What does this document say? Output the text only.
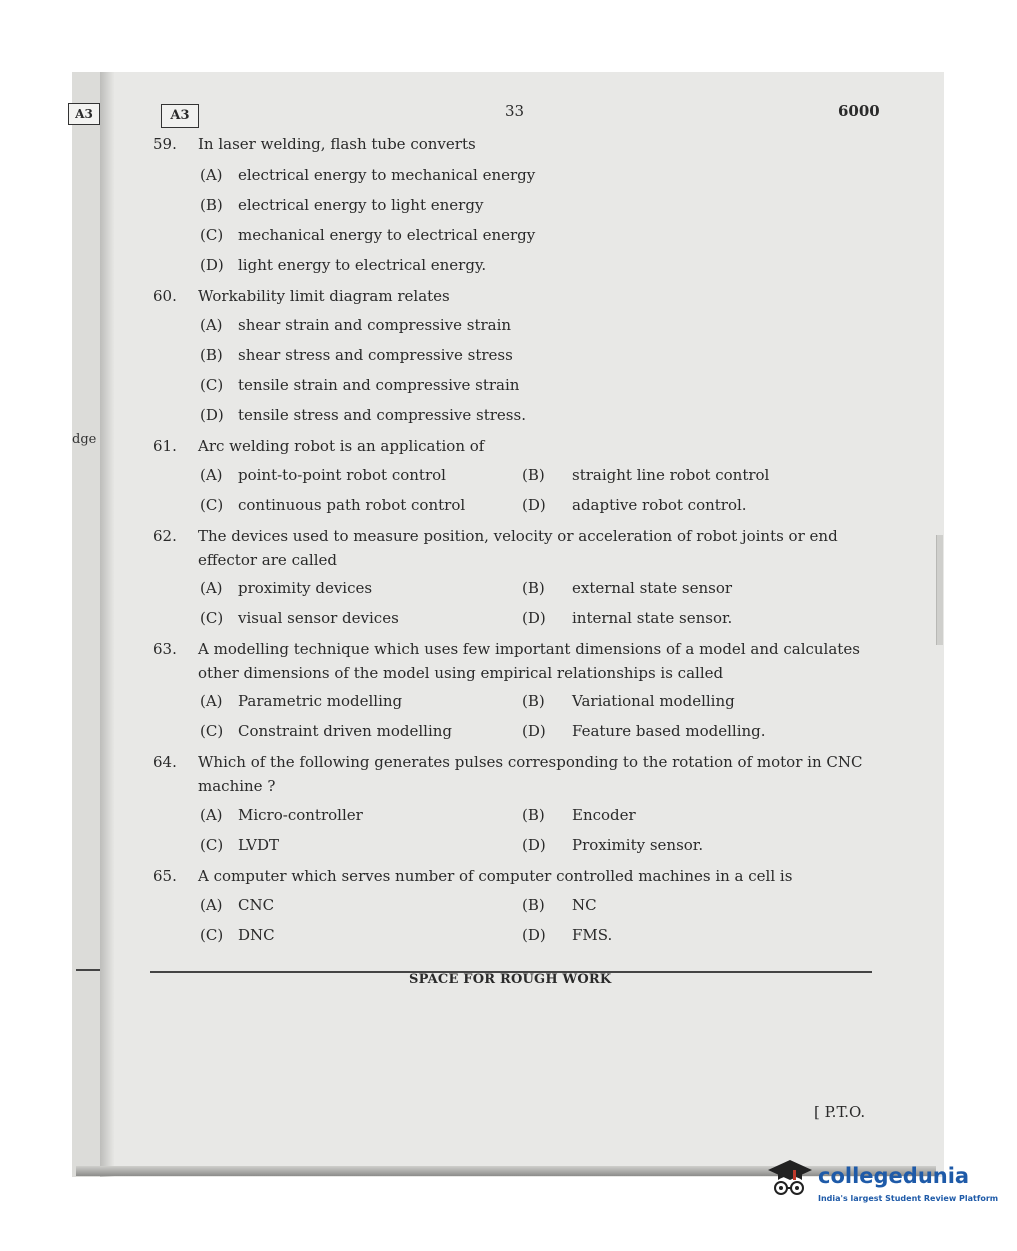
A3
dge
A3	33	6000
59. In laser welding, flash tube converts
(A) electrical energy to mechanical energy
(B) electrical energy to light energy
(C) mechanical energy to electrical energy
(D) light energy to electrical energy.
60. Workability limit diagram relates
(A) shear strain and compressive strain
(B) shear stress and compressive stress
(C) tensile strain and compressive strain
(D) tensile stress and compressive stress.
61. Arc welding robot is an application of
(A) point-to-point robot control	(B) straight line robot control
(C) continuous path robot control	(D) adaptive robot control.
62. The devices used to measure position, velocity or acceleration of robot joints or end effector are called
(A) proximity devices	(B) external state sensor
(C) visual sensor devices	(D) internal state sensor.
63. A modelling technique which uses few important dimensions of a model and calculates other dimensions of the model using empirical relationships is called
(A) Parametric modelling	(B) Variational modelling
(C) Constraint driven modelling	(D) Feature based modelling.
64. Which of the following generates pulses corresponding to the rotation of motor in CNC machine ?
(A) Micro-controller	(B) Encoder
(C) LVDT	(D) Proximity sensor.
65. A computer which serves number of computer controlled machines in a cell is
(A) CNC	(B) NC
(C) DNC	(D) FMS.
SPACE FOR ROUGH WORK
[ P.T.O.
collegedunia
India's largest Student Review Platform
